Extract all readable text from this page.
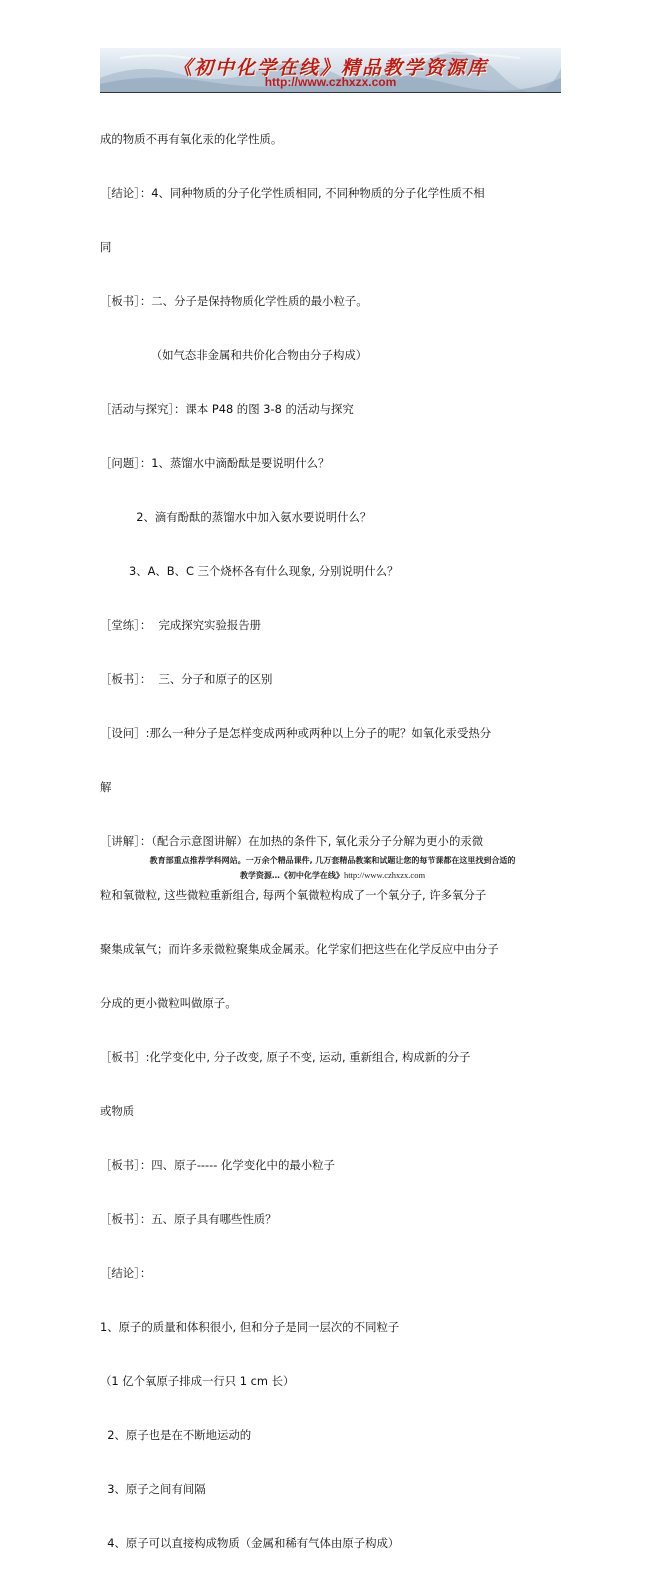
《初中化学在线》精品教学资源库
http://www.czhxzx.com

成的物质不再有氧化汞的化学性质。

［结论］：4、同种物质的分子化学性质相同, 不同种物质的分子化学性质不相

同

［板书］：二、分子是保持物质化学性质的最小粒子。

（如气态非金属和共价化合物由分子构成）

［活动与探究］：课本 P48 的图 3-8 的活动与探究

［问题］：1、蒸馏水中滴酚酞是要说明什么？

2、滴有酚酞的蒸馏水中加入氨水要说明什么？

3、A、B、C 三个烧杯各有什么现象, 分别说明什么？

［堂练］：  完成探究实验报告册

［板书］：  三、分子和原子的区别

［设问］:那么一种分子是怎样变成两种或两种以上分子的呢？如氧化汞受热分

解

［讲解］：（配合示意图讲解）在加热的条件下, 氧化汞分子分解为更小的汞微

粒和氧微粒, 这些微粒重新组合, 每两个氧微粒构成了一个氧分子, 许多氧分子

聚集成氧气；而许多汞微粒聚集成金属汞。化学家们把这些在化学反应中由分子

分成的更小微粒叫做原子。

［板书］:化学变化中, 分子改变, 原子不变, 运动, 重新组合, 构成新的分子

或物质

［板书］：四、原子----- 化学变化中的最小粒子

［板书］：五、原子具有哪些性质？

［结论］：

1、原子的质量和体积很小, 但和分子是同一层次的不同粒子

（1 亿个氧原子排成一行只 1 cm 长）

2、原子也是在不断地运动的

3、原子之间有间隔

4、原子可以直接构成物质（金属和稀有气体由原子构成）

教育部重点推荐学科网站。一万余个精品课件, 几万套精品教案和试题让您的每节课都在这里找到合适的
教学资源…《初中化学在线》http://www.czhxzx.com
